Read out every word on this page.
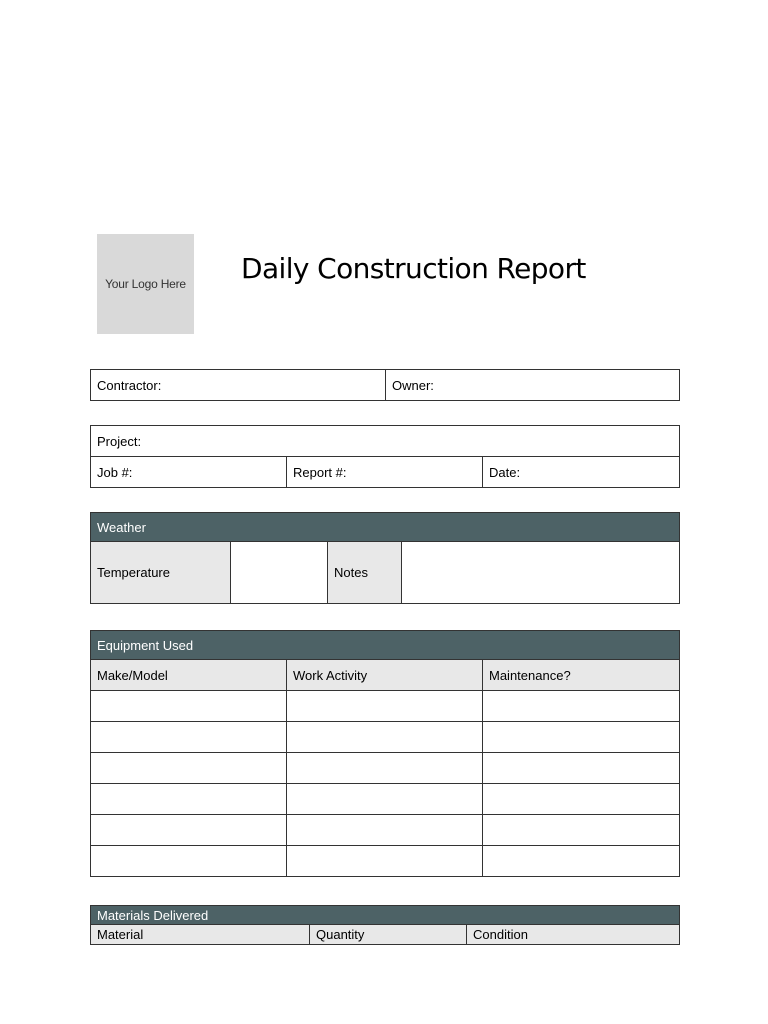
Your Logo Here Daily Construction Report
Contractor:	Owner:
Project:
Job #:	Report #:	Date:
Weather
Temperature		Notes	
Equipment Used		
Make/Model	Work Activity	Maintenance?

Materials Delivered
Material	Quantity	Condition
